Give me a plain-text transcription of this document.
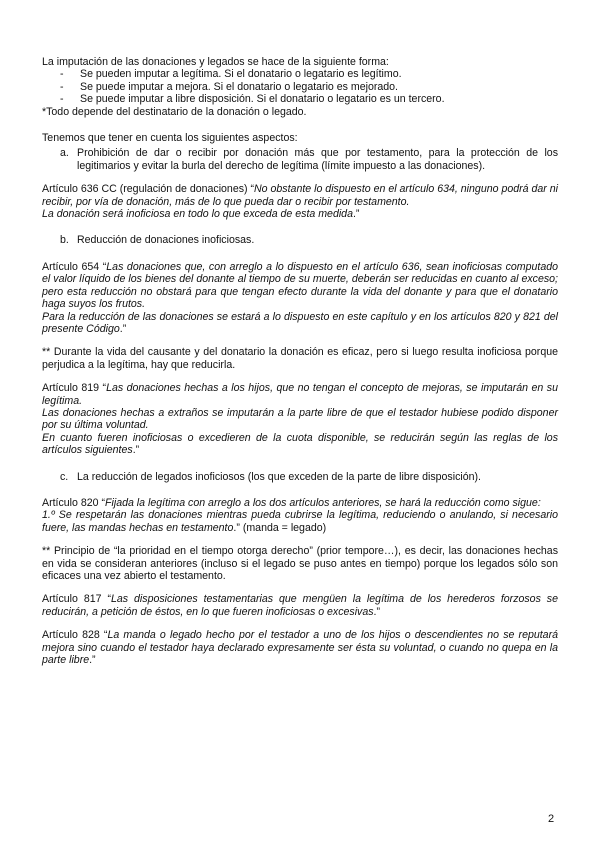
La imputación de las donaciones y legados se hace de la siguiente forma:

- Se pueden imputar a legítima. Si el donatario o legatario es legítimo.
- Se puede imputar a mejora. Si el donatario o legatario es mejorado.
- Se puede imputar a libre disposición. Si el donatario o legatario es un tercero.

*Todo depende del destinatario de la donación o legado.

Tenemos que tener en cuenta los siguientes aspectos:

a. Prohibición de dar o recibir por donación más que por testamento, para la protección de los legitimarios y evitar la burla del derecho de legítima (límite impuesto a las donaciones).

Artículo 636 CC (regulación de donaciones) “No obstante lo dispuesto en el artículo 634, ninguno podrá dar ni recibir, por vía de donación, más de lo que pueda dar o recibir por testamento.
La donación será inoficiosa en todo lo que exceda de esta medida.”

b. Reducción de donaciones inoficiosas.

Artículo 654 “Las donaciones que, con arreglo a lo dispuesto en el artículo 636, sean inoficiosas computado el valor líquido de los bienes del donante al tiempo de su muerte, deberán ser reducidas en cuanto al exceso; pero esta reducción no obstará para que tengan efecto durante la vida del donante y para que el donatario haga suyos los frutos.
Para la reducción de las donaciones se estará a lo dispuesto en este capítulo y en los artículos 820 y 821 del presente Código.”

** Durante la vida del causante y del donatario la donación es eficaz, pero si luego resulta inoficiosa porque perjudica a la legítima, hay que reducirla.

Artículo 819 “Las donaciones hechas a los hijos, que no tengan el concepto de mejoras, se imputarán en su legítima.
Las donaciones hechas a extraños se imputarán a la parte libre de que el testador hubiese podido disponer por su última voluntad.
En cuanto fueren inoficiosas o excedieren de la cuota disponible, se reducirán según las reglas de los artículos siguientes.”

c. La reducción de legados inoficiosos (los que exceden de la parte de libre disposición).

Artículo 820 “Fijada la legítima con arreglo a los dos artículos anteriores, se hará la reducción como sigue:
1.º Se respetarán las donaciones mientras pueda cubrirse la legítima, reduciendo o anulando, si necesario fuere, las mandas hechas en testamento.” (manda = legado)

** Principio de “la prioridad en el tiempo otorga derecho” (prior tempore…), es decir, las donaciones hechas en vida se consideran anteriores (incluso si el legado se puso antes en tiempo) porque los legados sólo son eficaces una vez abierto el testamento.

Artículo 817 “Las disposiciones testamentarias que mengüen la legítima de los herederos forzosos se reducirán, a petición de éstos, en lo que fueren inoficiosas o excesivas.”

Artículo 828 “La manda o legado hecho por el testador a uno de los hijos o descendientes no se reputará mejora sino cuando el testador haya declarado expresamente ser ésta su voluntad, o cuando no quepa en la parte libre.”

2
